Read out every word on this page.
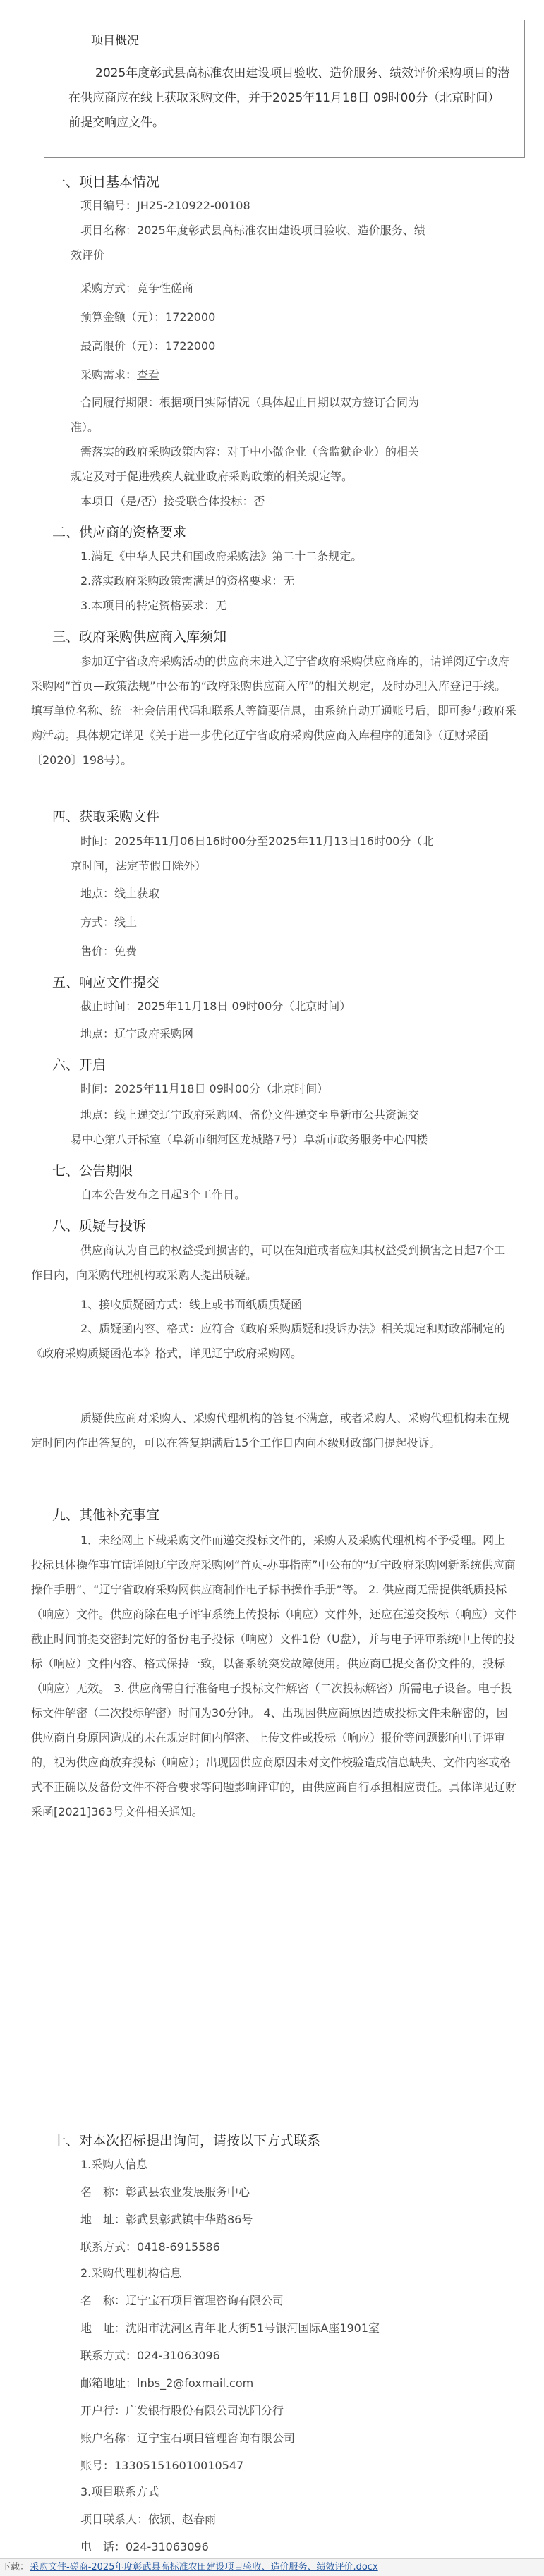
项目概况
2025年度彰武县高标准农田建设项目验收、造价服务、绩效评价采购项目的潜在供应商应在线上获取采购文件，并于2025年11月18日 09时00分（北京时间）前提交响应文件。
一、项目基本情况
项目编号：JH25-210922-00108
项目名称：2025年度彰武县高标准农田建设项目验收、造价服务、绩
效评价
采购方式：竞争性磋商
预算金额（元）：1722000
最高限价（元）：1722000
采购需求：查看
合同履行期限：根据项目实际情况（具体起止日期以双方签订合同为
准）。
需落实的政府采购政策内容：对于中小微企业（含监狱企业）的相关
规定及对于促进残疾人就业政府采购政策的相关规定等。
本项目（是/否）接受联合体投标：否
二、供应商的资格要求
1.满足《中华人民共和国政府采购法》第二十二条规定。
2.落实政府采购政策需满足的资格要求：无
3.本项目的特定资格要求：无
三、政府采购供应商入库须知
参加辽宁省政府采购活动的供应商未进入辽宁省政府采购供应商库的，请详阅辽宁政府采购网“首页—政策法规”中公布的“政府采购供应商入库”的相关规定，及时办理入库登记手续。填写单位名称、统一社会信用代码和联系人等简要信息，由系统自动开通账号后，即可参与政府采购活动。具体规定详见《关于进一步优化辽宁省政府采购供应商入库程序的通知》（辽财采函〔2020〕198号）。
四、获取采购文件
时间：2025年11月06日16时00分至2025年11月13日16时00分（北
京时间，法定节假日除外）
地点：线上获取
方式：线上
售价：免费
五、响应文件提交
截止时间：2025年11月18日 09时00分（北京时间）
地点：辽宁政府采购网
六、开启
时间：2025年11月18日 09时00分（北京时间）
地点：线上递交辽宁政府采购网、备份文件递交至阜新市公共资源交
易中心第八开标室（阜新市细河区龙城路7号）阜新市政务服务中心四楼
七、公告期限
自本公告发布之日起3个工作日。
八、质疑与投诉
供应商认为自己的权益受到损害的，可以在知道或者应知其权益受到损害之日起7个工作日内，向采购代理机构或采购人提出质疑。
1、接收质疑函方式：线上或书面纸质质疑函
2、质疑函内容、格式：应符合《政府采购质疑和投诉办法》相关规定和财政部制定的《政府采购质疑函范本》格式，详见辽宁政府采购网。
质疑供应商对采购人、采购代理机构的答复不满意，或者采购人、采购代理机构未在规定时间内作出答复的，可以在答复期满后15个工作日内向本级财政部门提起投诉。
九、其他补充事宜
1．未经网上下载采购文件而递交投标文件的，采购人及采购代理机构不予受理。网上投标具体操作事宜请详阅辽宁政府采购网“首页-办事指南”中公布的“辽宁政府采购网新系统供应商操作手册”、“辽宁省政府采购网供应商制作电子标书操作手册”等。 2. 供应商无需提供纸质投标（响应）文件。供应商除在电子评审系统上传投标（响应）文件外，还应在递交投标（响应）文件截止时间前提交密封完好的备份电子投标（响应）文件1份（U盘），并与电子评审系统中上传的投标（响应）文件内容、格式保持一致，以备系统突发故障使用。供应商已提交备份文件的，投标（响应）无效。 3. 供应商需自行准备电子投标文件解密（二次投标解密）所需电子设备。电子投标文件解密（二次投标解密）时间为30分钟。 4、出现因供应商原因造成投标文件未解密的，因供应商自身原因造成的未在规定时间内解密、上传文件或投标（响应）报价等问题影响电子评审的，视为供应商放弃投标（响应）；出现因供应商原因未对文件校验造成信息缺失、文件内容或格式不正确以及备份文件不符合要求等问题影响评审的，由供应商自行承担相应责任。具体详见辽财采函[2021]363号文件相关通知。
十、对本次招标提出询问，请按以下方式联系
1.采购人信息
名　称：彰武县农业发展服务中心
地　址：彰武县彰武镇中华路86号
联系方式：0418-6915586
2.采购代理机构信息
名　称：辽宁宝石项目管理咨询有限公司
地　址：沈阳市沈河区青年北大街51号银河国际A座1901室
联系方式：024-31063096
邮箱地址：lnbs_2@foxmail.com
开户行：广发银行股份有限公司沈阳分行
账户名称：辽宁宝石项目管理咨询有限公司
账号：133051516010010547
3.项目联系方式
项目联系人：依颖、赵春雨
电　话：024-31063096
下载： 采购文件-磋商-2025年度彰武县高标准农田建设项目验收、造价服务、绩效评价.docx
